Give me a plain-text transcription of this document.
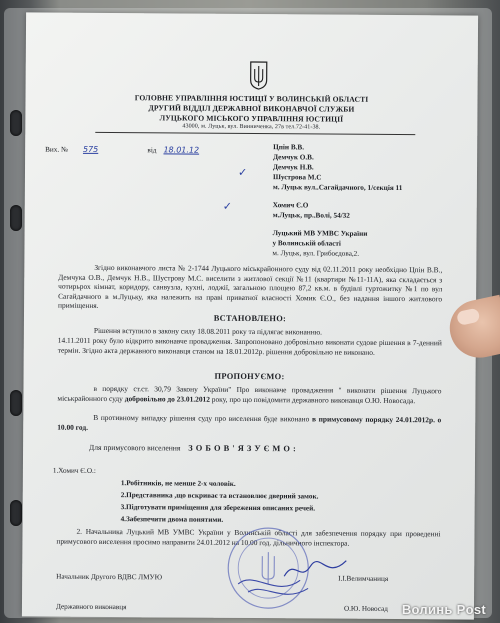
ГОЛОВНЕ УПРАВЛІННЯ ЮСТИЦІЇ У ВОЛИНСЬКІЙ ОБЛАСТІ
ДРУГИЙ ВІДДІЛ ДЕРЖАВНОЇ ВИКОНАВЧОЇ СЛУЖБИ
ЛУЦЬКОГО МІСЬКОГО УПРАВЛІННЯ ЮСТИЦІЇ
43000, м. Луцьк, вул. Винниченка, 27в тел.72-41-38.
Вих. № 575	від 18.01.12	Цпін В.В.
Демчук О.В.
Демчук Н.В.
Шустрова М.С
м. Луцьк вул..Сагайдачного, 1/секція 11
Хомич Є.О
м.Луцьк, пр..Волі, 54/32
Луцький МВ УМВС України
у Волинській області
м. Луцьк, вул. Грибоєдова,2.
✓
✓
Згідно виконавчого листа № 2-1744 Луцького міськрайонного суду від 02.11.2011 року необхідно Цпін В.В., Демчука О.В., Демчук Н.В., Шустрову М.С. виселити з житлової секції №11 (квартири №11-11А), яка складається з чотирьрох кімнат, коридору, санвузла, кухні, лоджії, загальною площею 87,2 кв.м. в будівлі гуртожитку №1 по вул Сагайдачного в м.Луцьку, яка належить на праві приватної власності Хомик Є.О., без надання іншого житлового приміщення.
ВСТАНОВЛЕНО:
Рішення вступило в закону силу 18.08.2011 року та підлягає виконанню.
14.11.2011 року було відкрито виконавче провадження. Запропоновано добровільно виконати судове рішення в 7-денний термін. Згідно акта державного виконавця станом на 18.01.2012р. рішення добровільно не виконано.
ПРОПОНУЄМО:
в порядку ст.ст. 30,79 Закону України" Про виконавче провадження " виконати рішення Луцького міськрайонного суду добровільно до 23.01.2012 року, про що повідомити державного виконавця О.Ю. Новосада.
В противному випадку рішення суду про виселення буде виконано в примусовому порядку 24.01.2012р. о 10.00 год.
Для примусового виселення З О Б О В ' Я З У Є М О :
1.Хомич Є.О.:
1.Робітників, не менше 2-х чоловік.
2.Представника ,що вскриває та встановлює дверний замок.
3.Підготувати приміщення для збереження описаних речей.
4.Забезпечити двома понятими.
2. Начальника Луцький МВ УМВС України у Волинській області для забезпечення порядку при проведенні примусового виселення просимо направити 24.01.2012 на 10.00 год. дільничного інспектора.
Начальник Другого ВДВС ЛМУЮ	І.І.Велимчаниця
Державного виконавця	О.Ю. Новосад Волинь Post
